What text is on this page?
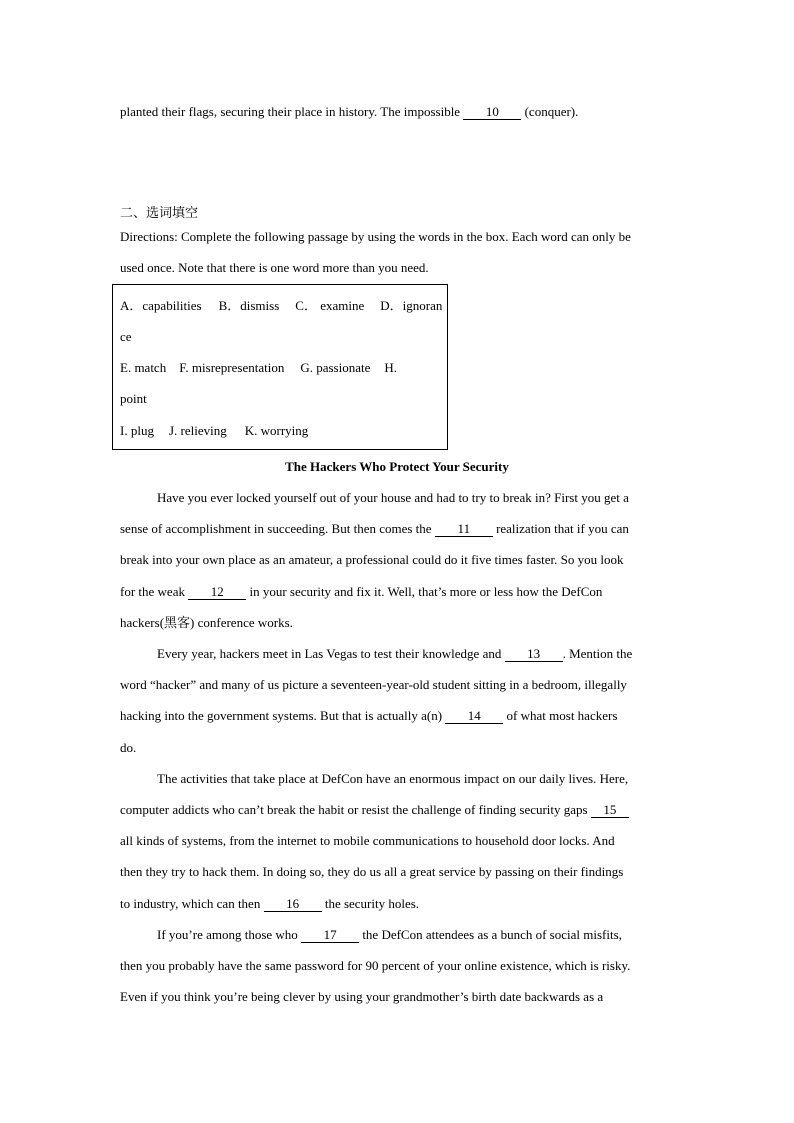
planted their flags, securing their place in history. The impossible 10 (conquer).
二、选词填空
Directions: Complete the following passage by using the words in the box. Each word can only be
used once. Note that there is one word more than you need.
A．capabilities B．dismiss C． examine D．ignoran
ce
E. match F. misrepresentation G. passionate H.
point
I. plug J. relieving K. worrying
The Hackers Who Protect Your Security
Have you ever locked yourself out of your house and had to try to break in? First you get a
sense of accomplishment in succeeding. But then comes the 11 realization that if you can
break into your own place as an amateur, a professional could do it five times faster. So you look
for the weak 12 in your security and fix it. Well, that’s more or less how the DefCon
hackers(黑客) conference works.
Every year, hackers meet in Las Vegas to test their knowledge and 13 . Mention the
word “hacker” and many of us picture a seventeen-year-old student sitting in a bedroom, illegally
hacking into the government systems. But that is actually a(n) 14 of what most hackers
do.
The activities that take place at DefCon have an enormous impact on our daily lives. Here,
computer addicts who can’t break the habit or resist the challenge of finding security gaps 15
all kinds of systems, from the internet to mobile communications to household door locks. And
then they try to hack them. In doing so, they do us all a great service by passing on their findings
to industry, which can then 16 the security holes.
If you’re among those who 17 the DefCon attendees as a bunch of social misfits,
then you probably have the same password for 90 percent of your online existence, which is risky.
Even if you think you’re being clever by using your grandmother’s birth date backwards as a
